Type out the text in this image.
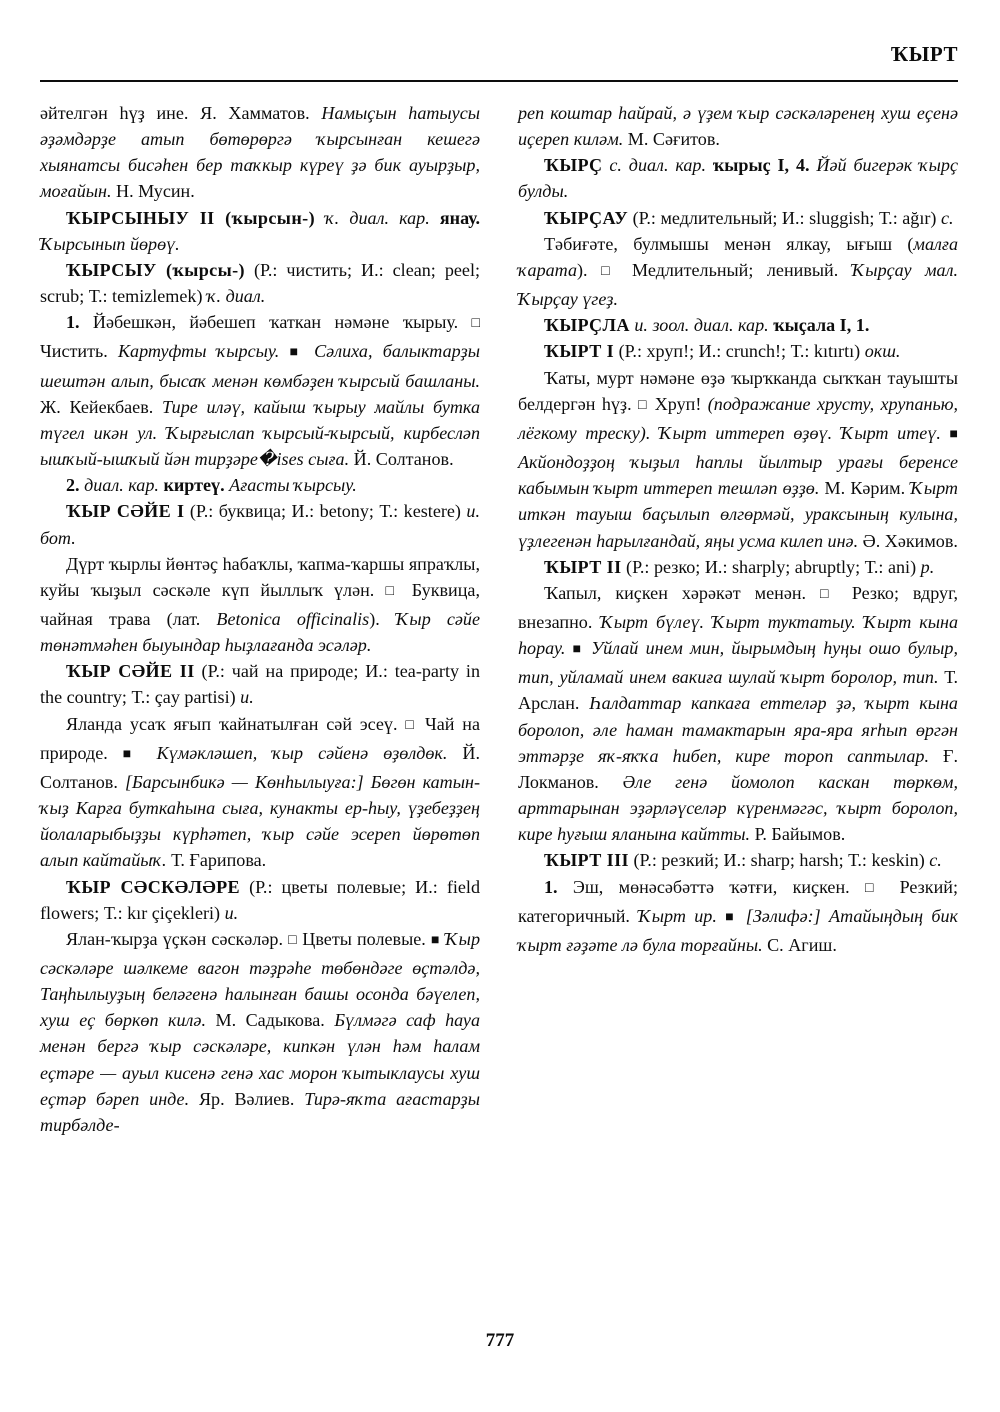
ҠЫРТ

әйтелгән һүҙ ине. Я. Хамматов. Намыҫын һатыуcы әҙәмдәрҙе атып бөтөрөргә ҡырсынған кешегә хыянатсы биcәһен бер таҡкыр күреү ҙә бик ауырҙыр, моғайын. Н. Мусин.

ҠЫРСЫНЫУ II (ҡырсын-) ҡ. диал. кар. янау. Ҡырсынып йөрөү.

ҠЫРСЫУ (ҡырсы-) (Р.: чистить; И.: clean; peel; scrub; Т.: temizlemek) ҡ. диал.

1. Йәбешкән, йәбешеп ҡаткан нәмәне ҡырыу. □ Чистить. Картуфты ҡырсыу. ■ Сәлиха, балыктарҙы шештән алып, бысаҡ менән көмбәҙен ҡырсый башланы. Ж. Кейекбаев. Тире иләү, кайыш ҡырыу майлы бутка түгел икән ул. Ҡырғыслап ҡырсый-ҡырсый, кирбесләп ышҡый-ышҡый йән тирҙәре�ises сыға. Й. Солтанов.

2. диал. кар. киртеү. Ағасты ҡырсыу.

ҠЫР СӘЙЕ I (Р.: буквица; И.: betony; Т.: kestere) и. бот.

Дүрт ҡырлы йөнтәҫ һабаҡлы, ҡапма-ҡаршы япраҡлы, куйы ҡыҙыл сәскәле күп йыллыҡ үлән. □ Буквица, чайная трава (лат. Betonica officinalis). Ҡыр сәйе төнәтмәһен быуындар һыҙлағанда эсәләр.

ҠЫР СӘЙЕ II (Р.: чай на природе; И.: tea-party in the country; Т.: çay partisi) и.

Яланда усаҡ яғып ҡайнатылған сәй эсеү. □ Чай на природе. ■ Күмәкләшеп, ҡыр сәйенә өҙөлдөк. Й. Солтанов. [Барсынбикә — Көнһылыуға:] Бөгөн катын-ҡыҙ Карға буткаһына сыға, кунакты ер-һыу, үҙебеҙҙең йолаларыбыҙҙы күрһәтеп, ҡыр сәйе эсереп йөрөтөп алып кайтайыҡ. Т. Ғарипова.

ҠЫР СӘСКӘЛӘРЕ (Р.: цветы полевые; И.: field flowers; Т.: kır çiçekleri) и.

Ялан-ҡырҙа үҫкән сәскәләр. □ Цветы полевые. ■ Ҡыр сәскәләре шәлкеме вагон тәҙрәһе төбөндәге өҫтәлдә, Таңһылыуҙың беләгенә һалынған башы осонда бәүелеп, хуш еҫ бөркөп килә. М. Садыкова. Бүлмәгә саф һауа менән бергә ҡыр сәскәләре, кипкән үлән һәм һалам еҫтәре — ауыл кисенә генә хас морон ҡытыклаусы хуш еҫтәр бәреп инде. Яр. Вәлиев. Тирә-яҡта ағастарҙы тирбәлде-

реп коштар һайрай, ә үҙем ҡыр сәскәләренең хуш еҫенә иҫереп киләм. М. Сәғитов.

ҠЫРҪ с. диал. кар. ҡырыҫ I, 4. Йәй бигерәк ҡырҫ булды.

ҠЫРҪАУ (Р.: медлительный; И.: sluggish; Т.: ağır) с.

Тәбиғәте, булмышы менән ялкау, ығыш (малға ҡарата). □ Медлительный; ленивый. Ҡырҫау мал. Ҡырҫау үгеҙ.

ҠЫРҪЛА и. зоол. диал. кар. ҡыҫала I, 1.

ҠЫРТ I (Р.: хруп!; И.: crunch!; Т.: kıtırtı) окш.

Ҡаты, мурт нәмәне өҙә ҡырҡканда сыҡҡан тауышты белдергән һүҙ. □ Хруп! (подражание хрусту, хрупанью, лёгкому треску). Ҡырт иттереп өҙөү. Ҡырт итеү. ■ Акйондоҙҙоң ҡыҙыл һаплы йылтыр урағы беренсе кабымын ҡырт иттереп тешләп өҙҙө. М. Кәрим. Ҡырт иткән тауыш баҫылып өлгөрмәй, ураксының кулына, үҙлегенән һарылғандай, яңы усма килеп инә. Ә. Хәкимов.

ҠЫРТ II (Р.: резко; И.: sharply; abruptly; Т.: ani) р.

Ҡапыл, киҫкен хәрәкәт менән. □ Резко; вдруг, внезапно. Ҡырт бүлеү. Ҡырт туктатыу. Ҡырт кына һорау. ■ Уйлай инем мин, йырымдың һуңы ошо булыр, тип, уйламай инем вакиға шулай ҡырт боролор, тип. Т. Арслан. Һалдаттар капкаға еттеләр ҙә, ҡырт кына боролоп, әле һаман тамактарын яра-яра яrһып өргән эттәрҙе яҡ-яҡҡа һибеп, кире тороп саптылар. Ғ. Локманов. Әле генә йомолоп каскан төркөм, арттарынан эҙәрләүселәр күренмәгәс, ҡырт боролоп, кире һуғыш яланына кайтты. Р. Байымов.

ҠЫРТ III (Р.: резкий; И.: sharp; harsh; Т.: keskin) с.

1. Эш, мөнәсәбәттә ҡәтғи, киҫкен. □ Резкий; категоричный. Ҡырт ир. ■ [Зәлифә:] Атайыңдың бик ҡырт ғәҙәте лә була торғайны. С. Агиш.

777
